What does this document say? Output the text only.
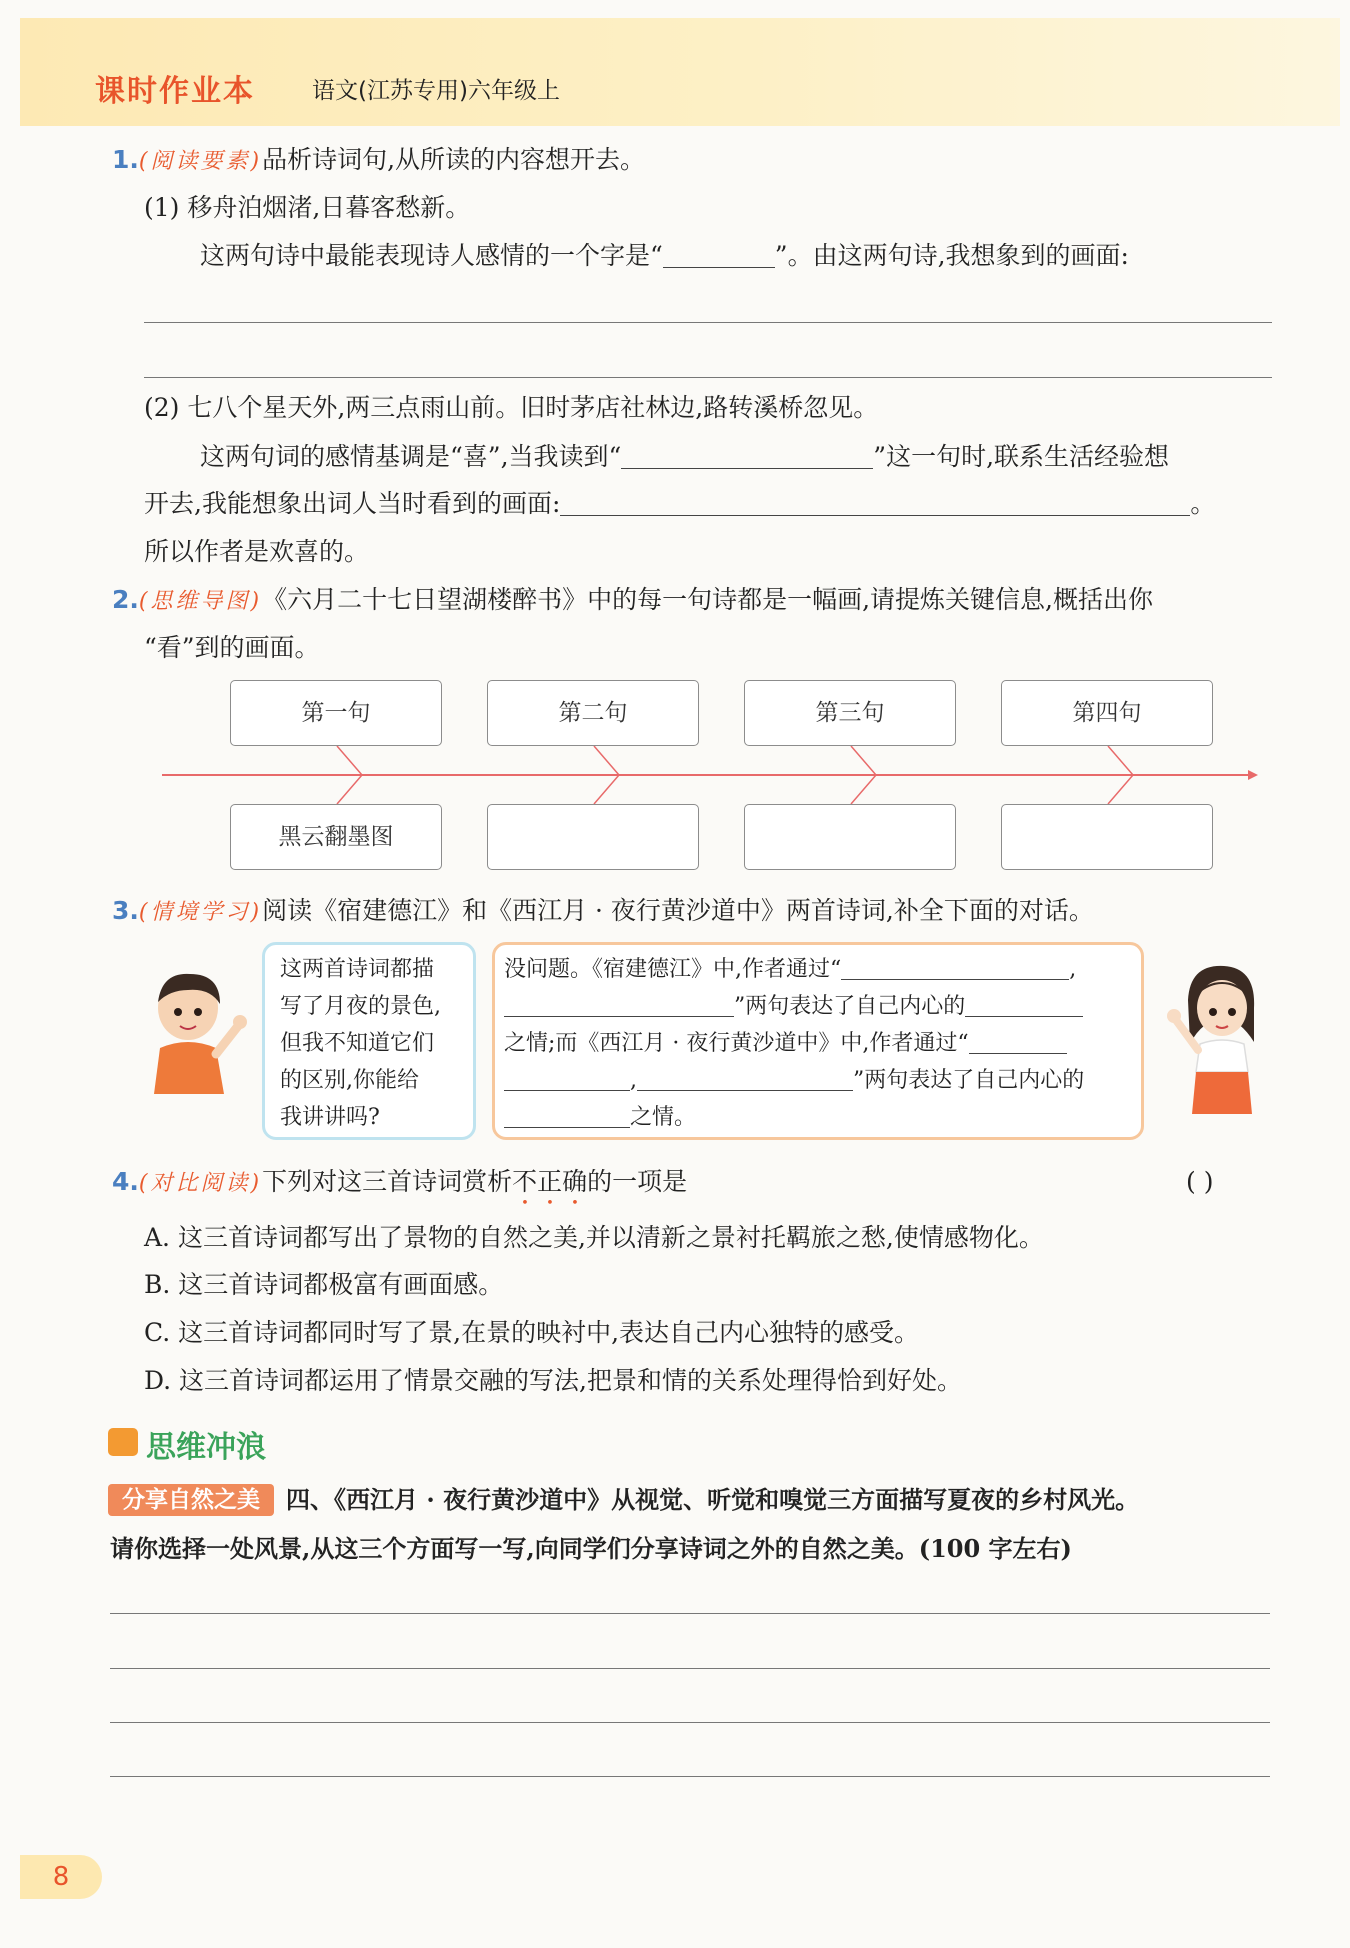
课时作业本 语文(江苏专用)六年级上
1.(阅读要素)品析诗词句,从所读的内容想开去。
(1) 移舟泊烟渚,日暮客愁新。
这两句诗中最能表现诗人感情的一个字是“	”。由这两句诗,我想象到的画面:
(2) 七八个星天外,两三点雨山前。旧时茅店社林边,路转溪桥忽见。
这两句词的感情基调是“喜”,当我读到“	”这一句时,联系生活经验想
开去,我能想象出词人当时看到的画面:	。
所以作者是欢喜的。
2.(思维导图)《六月二十七日望湖楼醉书》中的每一句诗都是一幅画,请提炼关键信息,概括出你
“看”到的画面。
第一句	第二句	第三句	第四句
黑云翻墨图
3.(情境学习)阅读《宿建德江》和《西江月 · 夜行黄沙道中》两首诗词,补全下面的对话。
这两首诗词都描
写了月夜的景色,
但我不知道它们
的区别,你能给
我讲讲吗?
没问题。《宿建德江》中,作者通过“	,
”两句表达了自己内心的
之情;而《西江月 · 夜行黄沙道中》中,作者通过“
,	”两句表达了自己内心的
之情。
4.(对比阅读)下列对这三首诗词赏析不正确的一项是	( )
A. 这三首诗词都写出了景物的自然之美,并以清新之景衬托羁旅之愁,使情感物化。
B. 这三首诗词都极富有画面感。
C. 这三首诗词都同时写了景,在景的映衬中,表达自己内心独特的感受。
D. 这三首诗词都运用了情景交融的写法,把景和情的关系处理得恰到好处。
思维冲浪
分享自然之美	四、《西江月 · 夜行黄沙道中》从视觉、听觉和嗅觉三方面描写夏夜的乡村风光。
请你选择一处风景,从这三个方面写一写,向同学们分享诗词之外的自然之美。(100 字左右)
8
